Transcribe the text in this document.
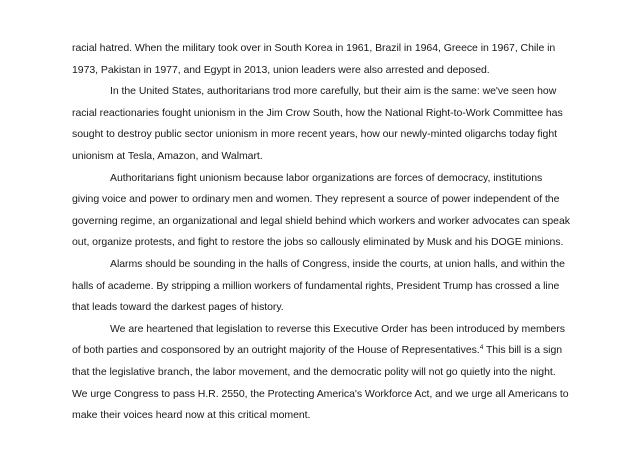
racial hatred. When the military took over in South Korea in 1961, Brazil in 1964, Greece in 1967, Chile in 1973, Pakistan in 1977, and Egypt in 2013, union leaders were also arrested and deposed.

In the United States, authoritarians trod more carefully, but their aim is the same: we've seen how racial reactionaries fought unionism in the Jim Crow South, how the National Right-to-Work Committee has sought to destroy public sector unionism in more recent years, how our newly-minted oligarchs today fight unionism at Tesla, Amazon, and Walmart.

Authoritarians fight unionism because labor organizations are forces of democracy, institutions giving voice and power to ordinary men and women. They represent a source of power independent of the governing regime, an organizational and legal shield behind which workers and worker advocates can speak out, organize protests, and fight to restore the jobs so callously eliminated by Musk and his DOGE minions.

Alarms should be sounding in the halls of Congress, inside the courts, at union halls, and within the halls of academe. By stripping a million workers of fundamental rights, President Trump has crossed a line that leads toward the darkest pages of history.

We are heartened that legislation to reverse this Executive Order has been introduced by members of both parties and cosponsored by an outright majority of the House of Representatives.$^4$ This bill is a sign that the legislative branch, the labor movement, and the democratic polity will not go quietly into the night. We urge Congress to pass H.R. 2550, the Protecting America's Workforce Act, and we urge all Americans to make their voices heard now at this critical moment.
